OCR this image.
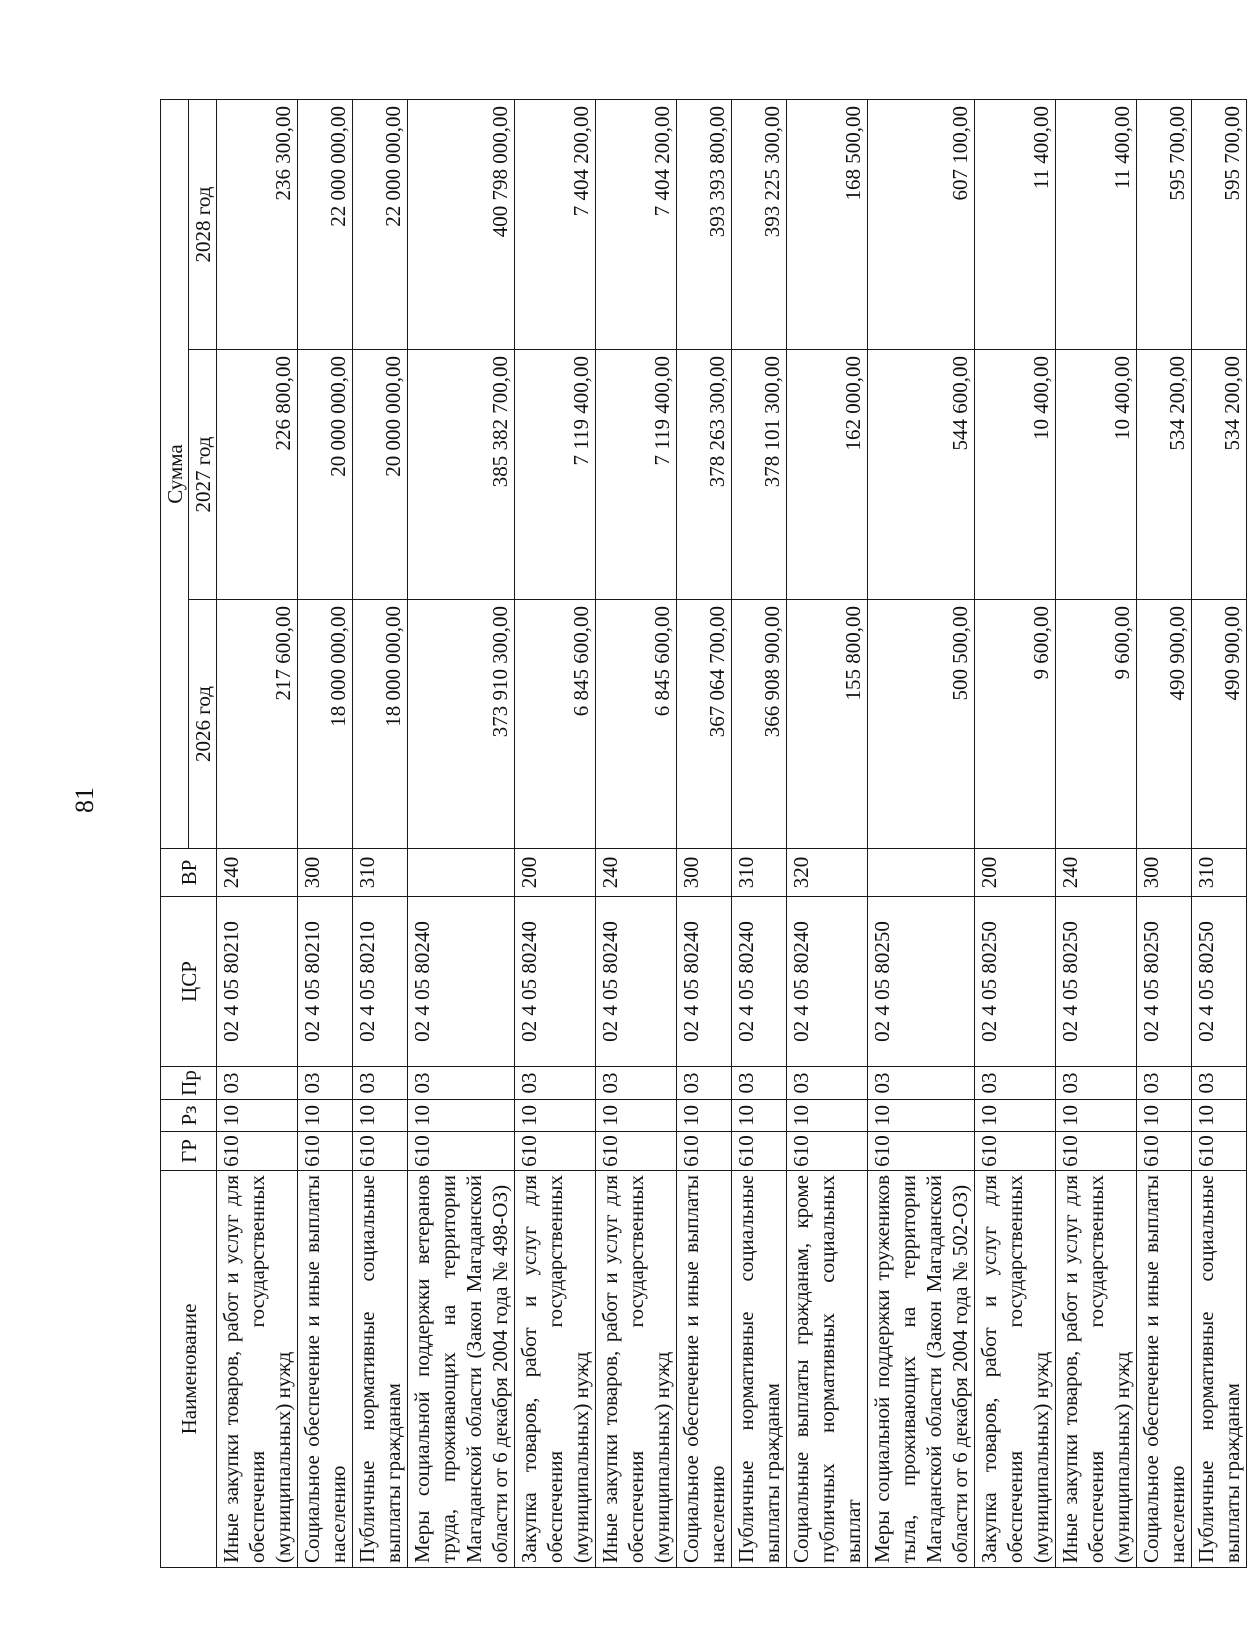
81
Наименование	ГР	Рз	Пр	ЦСР	ВР	Сумма		
						2026 год	2027 год	2028 год
Иные закупки товаров, работ и услуг для обеспечения государственных (муниципальных) нужд	610	10	03	02 4 05 80210	240	217 600,00	226 800,00	236 300,00
Социальное обеспечение и иные выплаты населению	610	10	03	02 4 05 80210	300	18 000 000,00	20 000 000,00	22 000 000,00
Публичные нормативные социальные выплаты гражданам	610	10	03	02 4 05 80210	310	18 000 000,00	20 000 000,00	22 000 000,00
Меры социальной поддержки ветеранов труда, проживающих на территории Магаданской области (Закон Магаданской области от 6 декабря 2004 года № 498-ОЗ)	610	10	03	02 4 05 80240		373 910 300,00	385 382 700,00	400 798 000,00
Закупка товаров, работ и услуг для обеспечения государственных (муниципальных) нужд	610	10	03	02 4 05 80240	200	6 845 600,00	7 119 400,00	7 404 200,00
Иные закупки товаров, работ и услуг для обеспечения государственных (муниципальных) нужд	610	10	03	02 4 05 80240	240	6 845 600,00	7 119 400,00	7 404 200,00
Социальное обеспечение и иные выплаты населению	610	10	03	02 4 05 80240	300	367 064 700,00	378 263 300,00	393 393 800,00
Публичные нормативные социальные выплаты гражданам	610	10	03	02 4 05 80240	310	366 908 900,00	378 101 300,00	393 225 300,00
Социальные выплаты гражданам, кроме публичных нормативных социальных выплат	610	10	03	02 4 05 80240	320	155 800,00	162 000,00	168 500,00
Меры социальной поддержки тружеников тыла, проживающих на территории Магаданской области (Закон Магаданской области от 6 декабря 2004 года № 502-ОЗ)	610	10	03	02 4 05 80250		500 500,00	544 600,00	607 100,00
Закупка товаров, работ и услуг для обеспечения государственных (муниципальных) нужд	610	10	03	02 4 05 80250	200	9 600,00	10 400,00	11 400,00
Иные закупки товаров, работ и услуг для обеспечения государственных (муниципальных) нужд	610	10	03	02 4 05 80250	240	9 600,00	10 400,00	11 400,00
Социальное обеспечение и иные выплаты населению	610	10	03	02 4 05 80250	300	490 900,00	534 200,00	595 700,00
Публичные нормативные социальные выплаты гражданам	610	10	03	02 4 05 80250	310	490 900,00	534 200,00	595 700,00
